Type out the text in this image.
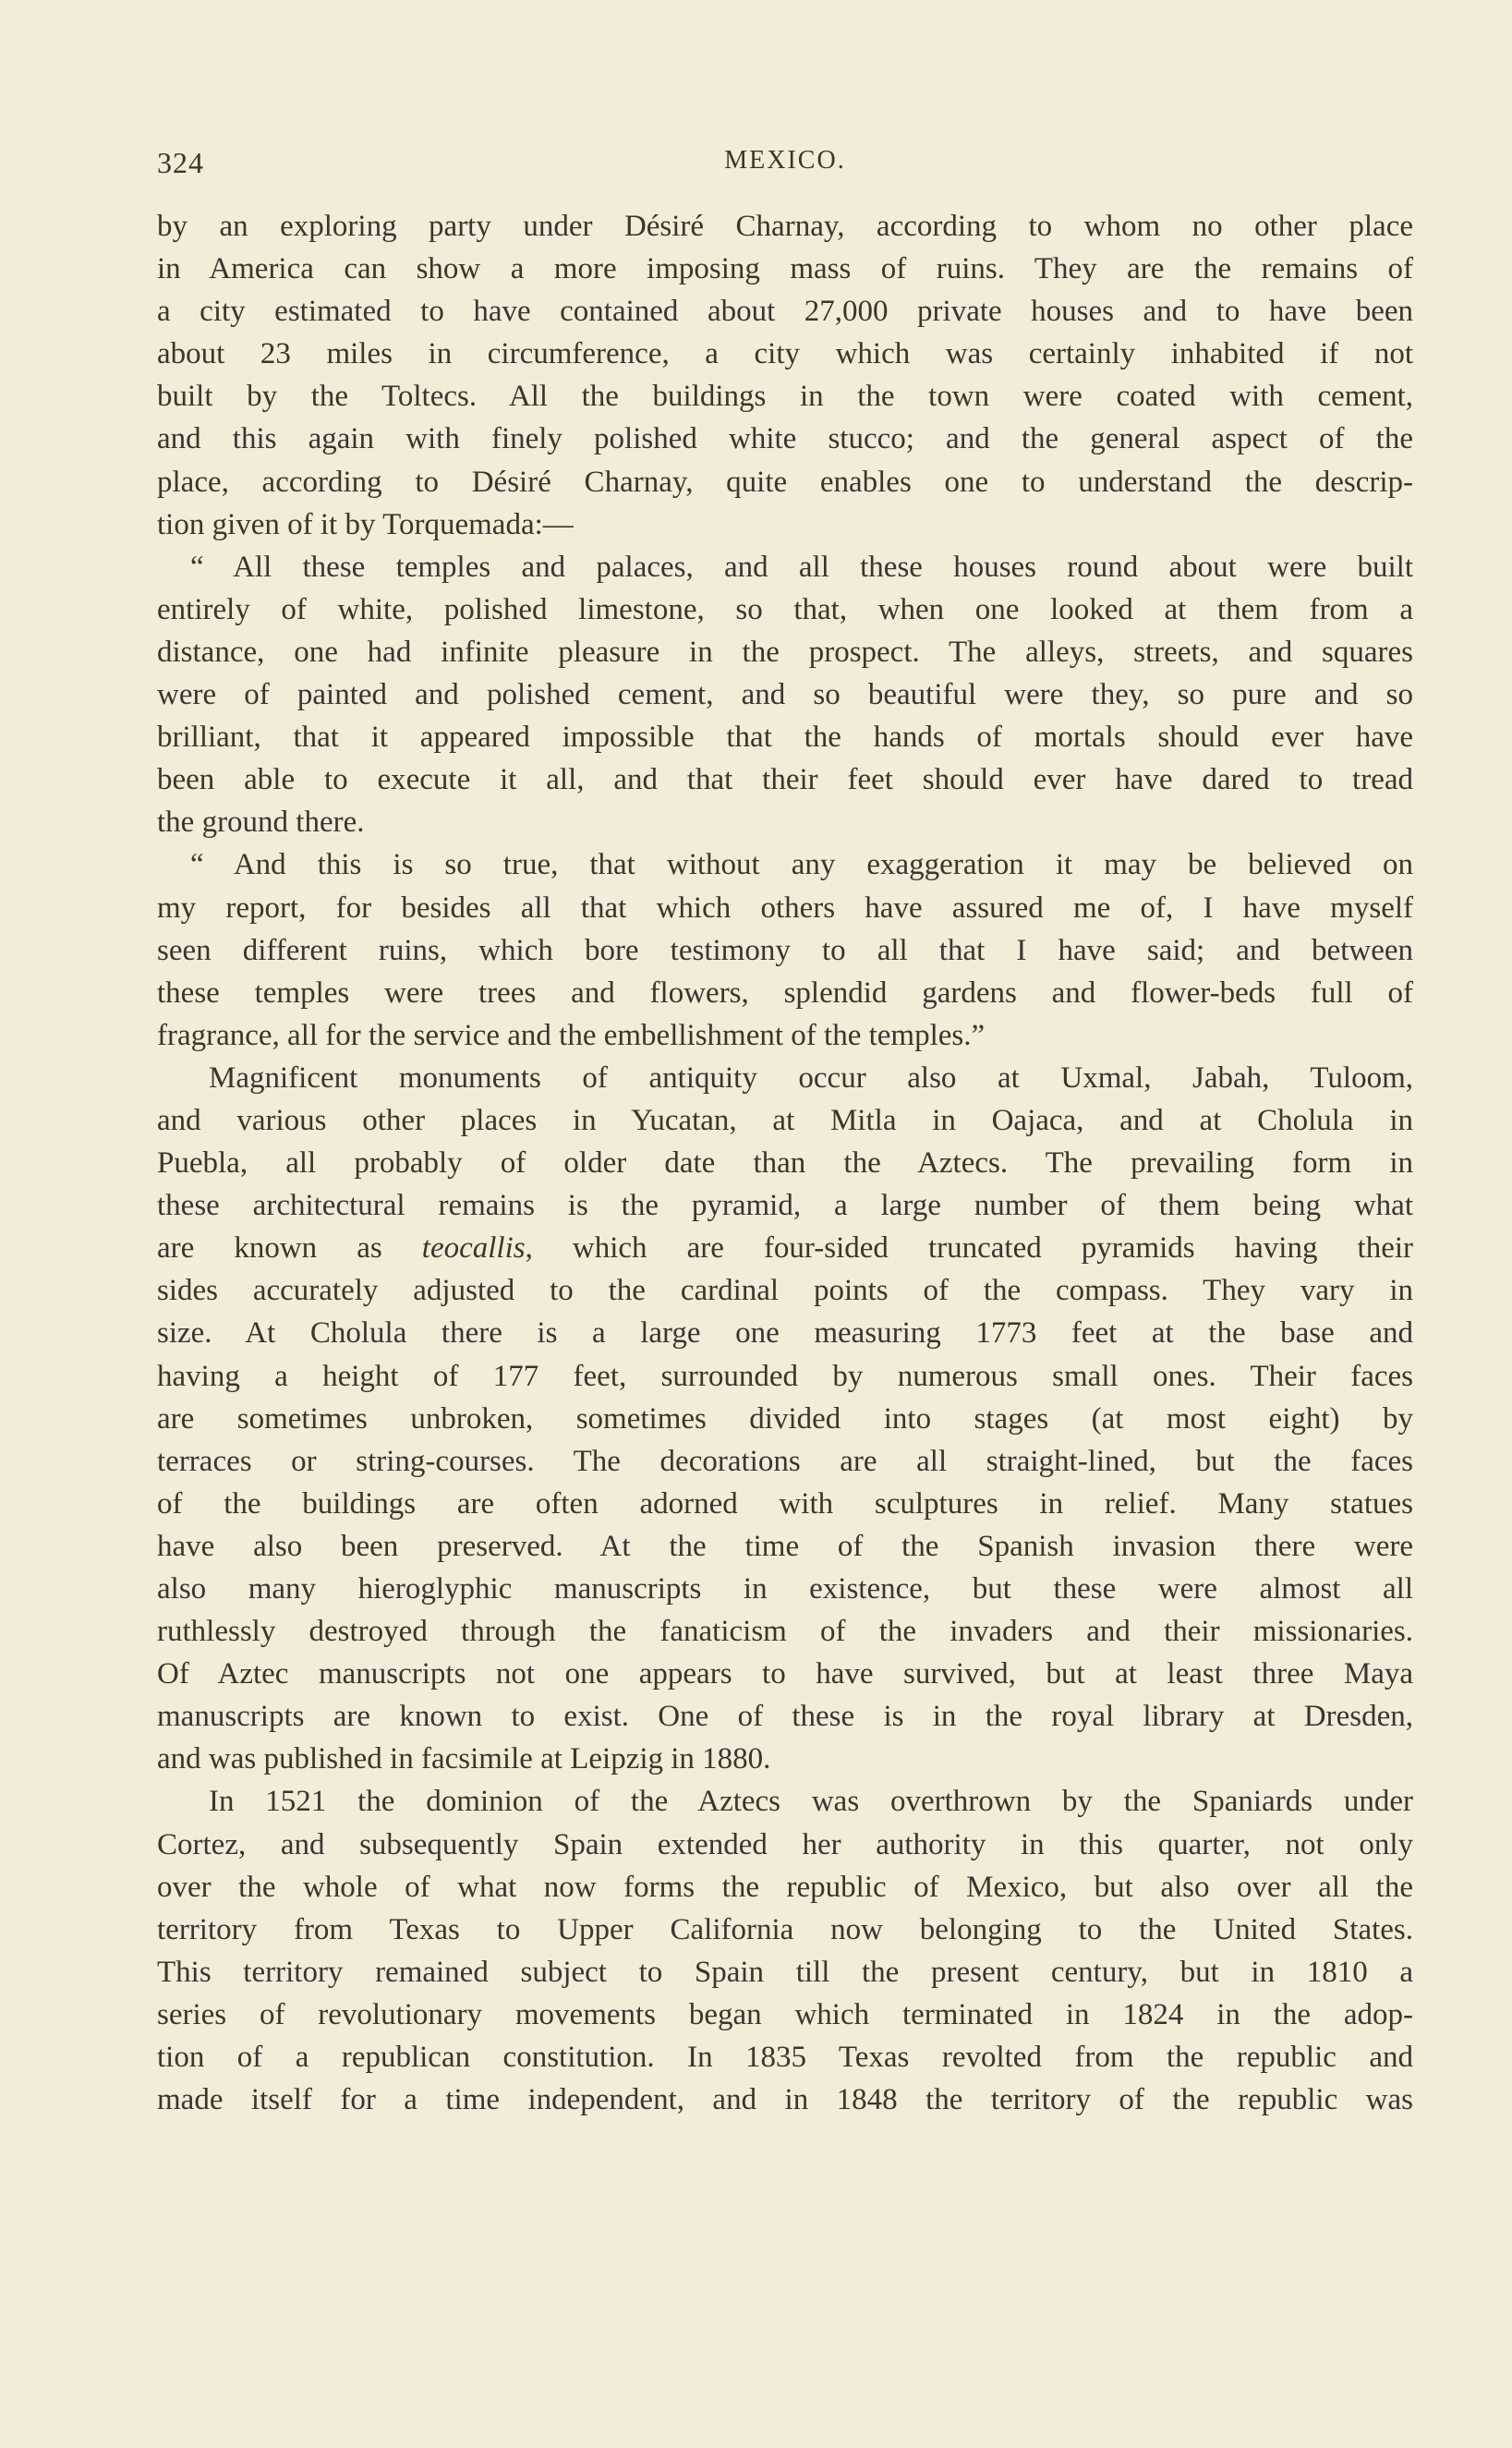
324	MEXICO.

by an exploring party under Désiré Charnay, according to whom no other place
in America can show a more imposing mass of ruins. They are the remains of
a city estimated to have contained about 27,000 private houses and to have been
about 23 miles in circumference, a city which was certainly inhabited if not
built by the Toltecs. All the buildings in the town were coated with cement,
and this again with finely polished white stucco; and the general aspect of the
place, according to Désiré Charnay, quite enables one to understand the descrip-
tion given of it by Torquemada:—

“ All these temples and palaces, and all these houses round about were built
entirely of white, polished limestone, so that, when one looked at them from a
distance, one had infinite pleasure in the prospect. The alleys, streets, and squares
were of painted and polished cement, and so beautiful were they, so pure and so
brilliant, that it appeared impossible that the hands of mortals should ever have
been able to execute it all, and that their feet should ever have dared to tread
the ground there.

“ And this is so true, that without any exaggeration it may be believed on
my report, for besides all that which others have assured me of, I have myself
seen different ruins, which bore testimony to all that I have said; and between
these temples were trees and flowers, splendid gardens and flower-beds full of
fragrance, all for the service and the embellishment of the temples.”

Magnificent monuments of antiquity occur also at Uxmal, Jabah, Tuloom,
and various other places in Yucatan, at Mitla in Oajaca, and at Cholula in
Puebla, all probably of older date than the Aztecs. The prevailing form in
these architectural remains is the pyramid, a large number of them being what
are known as teocallis, which are four-sided truncated pyramids having their
sides accurately adjusted to the cardinal points of the compass. They vary in
size. At Cholula there is a large one measuring 1773 feet at the base and
having a height of 177 feet, surrounded by numerous small ones. Their faces
are sometimes unbroken, sometimes divided into stages (at most eight) by
terraces or string-courses. The decorations are all straight-lined, but the faces
of the buildings are often adorned with sculptures in relief. Many statues
have also been preserved. At the time of the Spanish invasion there were
also many hieroglyphic manuscripts in existence, but these were almost all
ruthlessly destroyed through the fanaticism of the invaders and their missionaries.
Of Aztec manuscripts not one appears to have survived, but at least three Maya
manuscripts are known to exist. One of these is in the royal library at Dresden,
and was published in facsimile at Leipzig in 1880.

In 1521 the dominion of the Aztecs was overthrown by the Spaniards under
Cortez, and subsequently Spain extended her authority in this quarter, not only
over the whole of what now forms the republic of Mexico, but also over all the
territory from Texas to Upper California now belonging to the United States.
This territory remained subject to Spain till the present century, but in 1810 a
series of revolutionary movements began which terminated in 1824 in the adop-
tion of a republican constitution. In 1835 Texas revolted from the republic and
made itself for a time independent, and in 1848 the territory of the republic was
